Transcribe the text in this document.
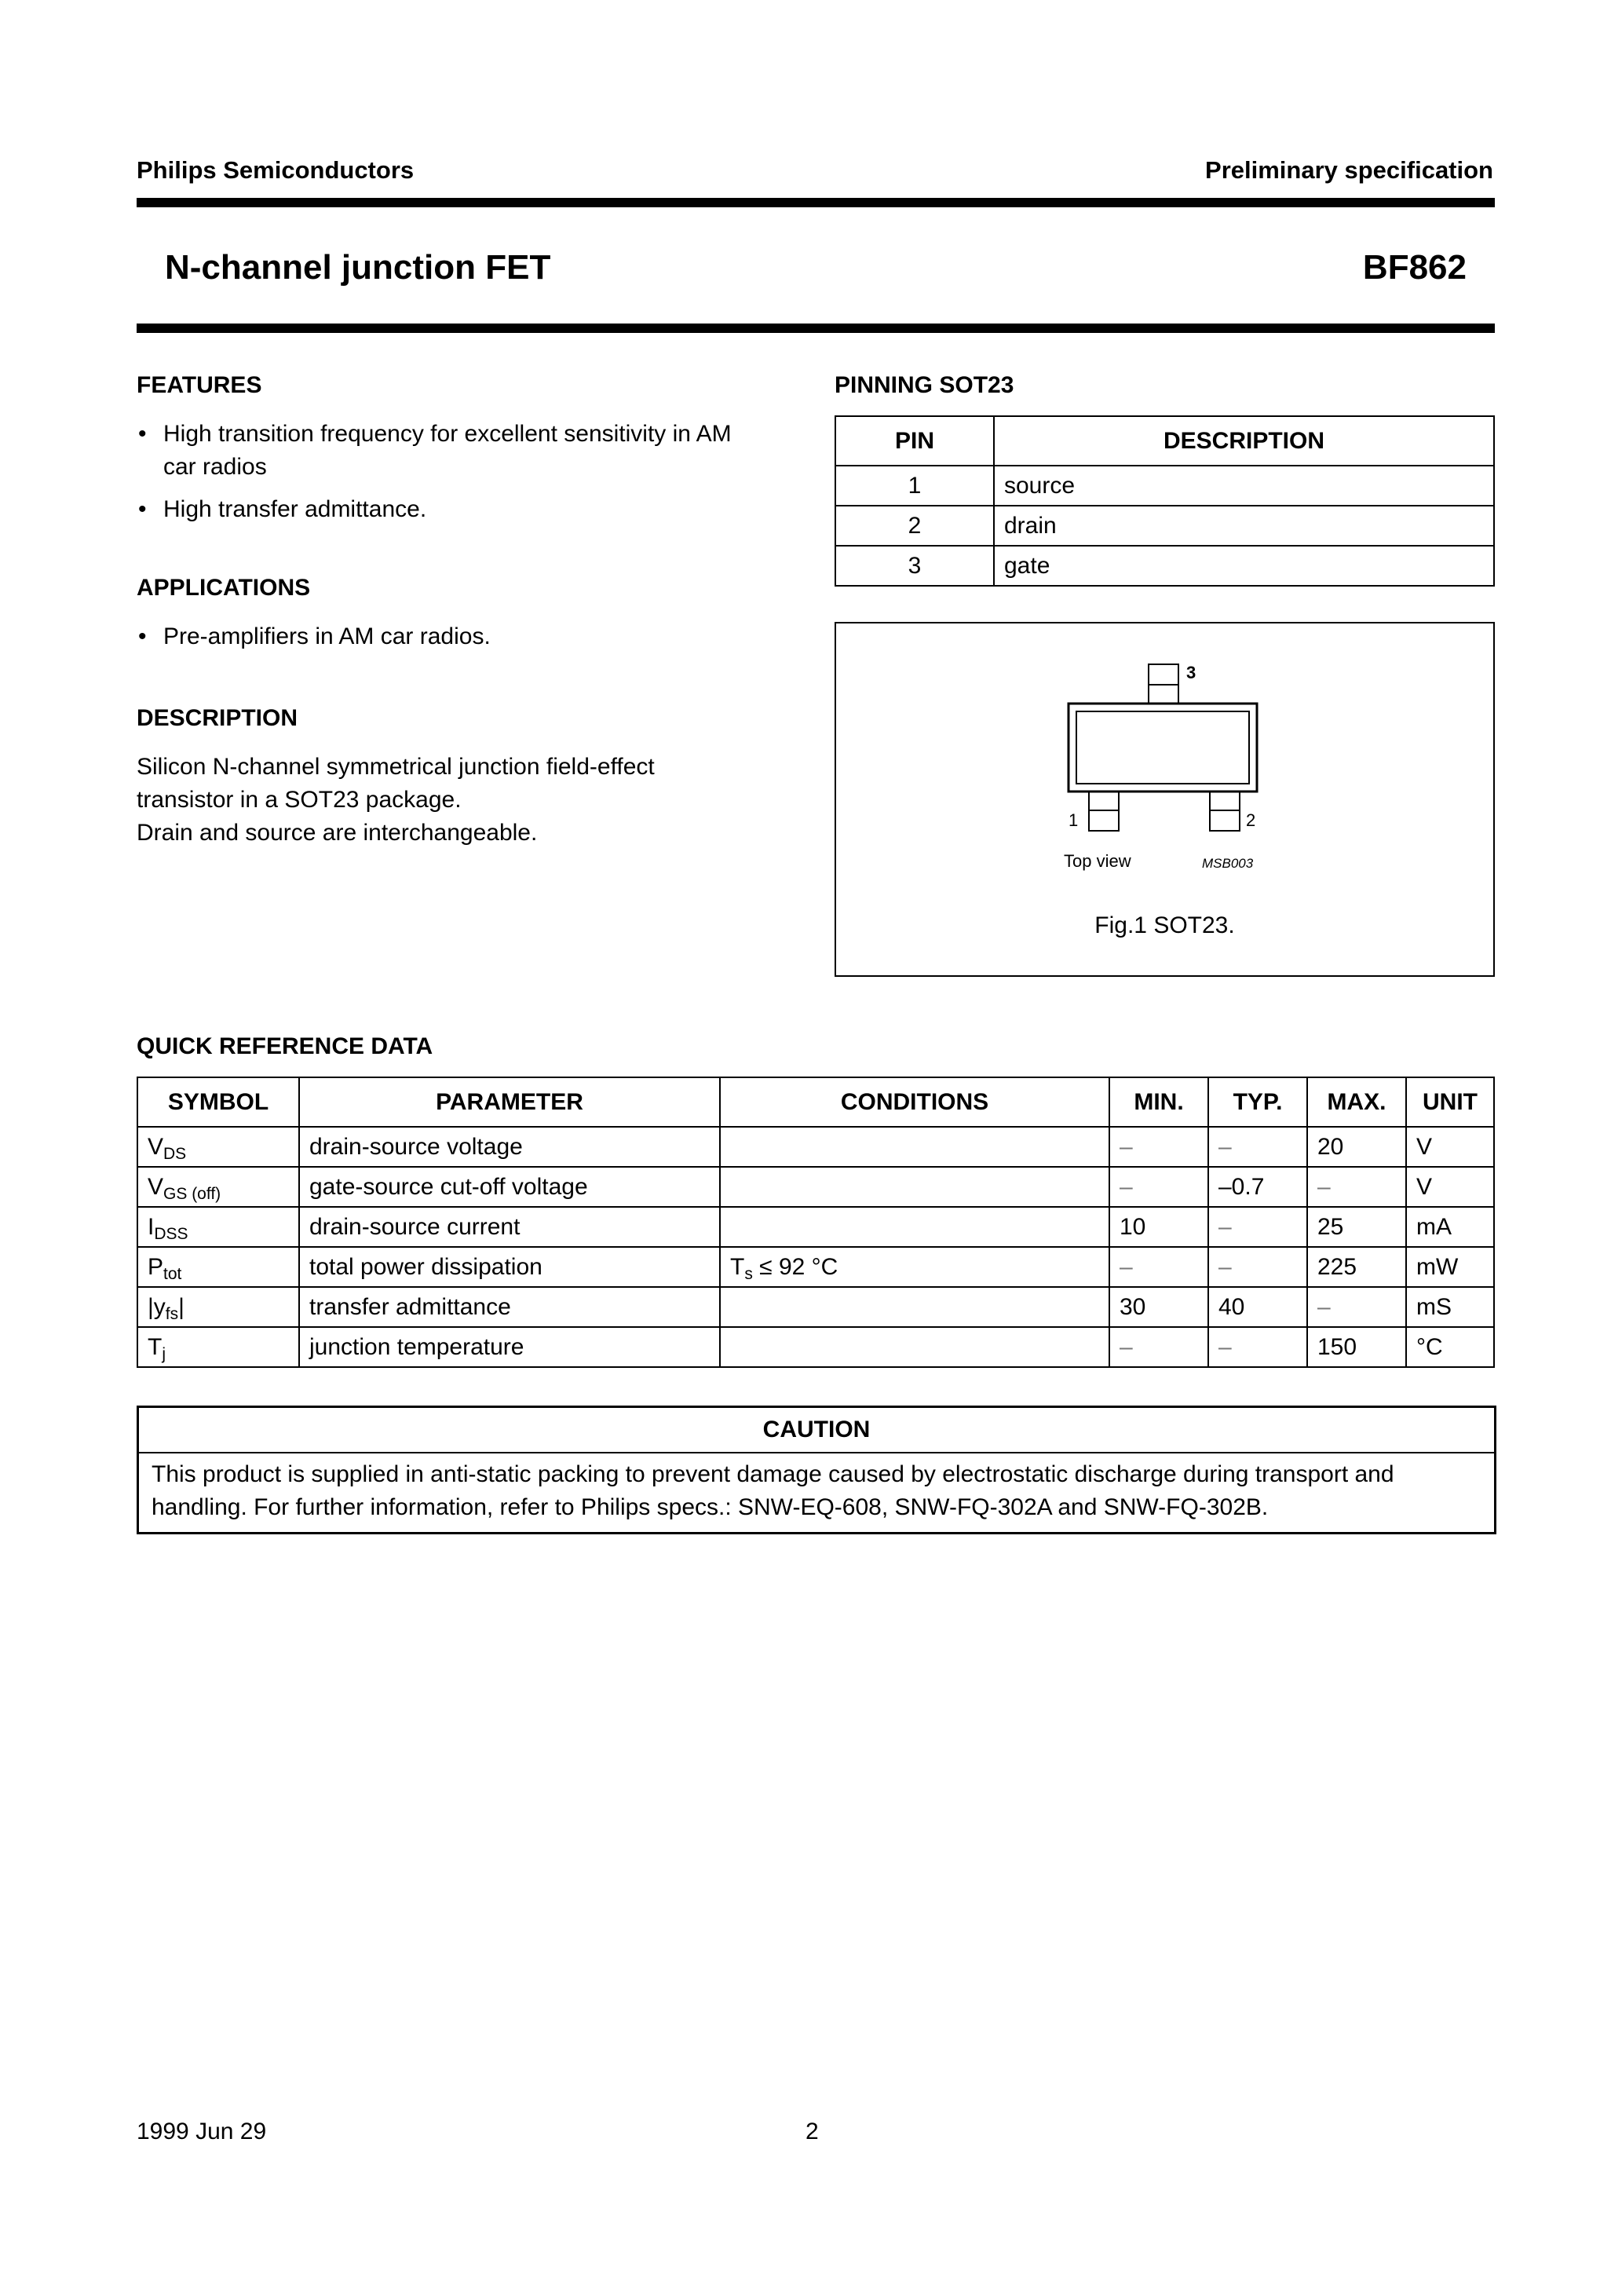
Philips Semiconductors	Preliminary specification
N-channel junction FET	BF862
FEATURES
• High transition frequency for excellent sensitivity in AM car radios
• High transfer admittance.
APPLICATIONS
• Pre-amplifiers in AM car radios.
DESCRIPTION
Silicon N-channel symmetrical junction field-effect
transistor in a SOT23 package.
Drain and source are interchangeable.
PINNING SOT23
PIN	DESCRIPTION
1	source
2	drain
3	gate
3
1	2
Top view	MSB003
Fig.1 SOT23.
QUICK REFERENCE DATA
SYMBOL	PARAMETER	CONDITIONS	MIN.	TYP.	MAX.	UNIT
$V_{DS}$	drain-source voltage		–	–	20	V
$V_{GS (off)}$	gate-source cut-off voltage		–	–0.7	–	V
$I_{DSS}$	drain-source current		10	–	25	mA
$P_{tot}$	total power dissipation	$T_s \le 92$ °C	–	–	225	mW
$|y_{fs}|$	transfer admittance		30	40	–	mS
$T_j$	junction temperature		–	–	150	°C
CAUTION
This product is supplied in anti-static packing to prevent damage caused by electrostatic discharge during transport and handling. For further information, refer to Philips specs.: SNW-EQ-608, SNW-FQ-302A and SNW-FQ-302B.
1999 Jun 29	2
